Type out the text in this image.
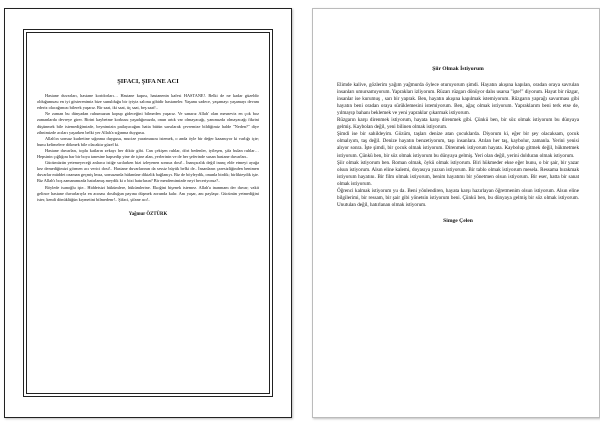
ŞIFACI, ŞIFA NE ACI

Hastane duvarları, hastane koridorları… Hastane kapısı, hastanenin kafesi HASTANE!. Belki de ne kadar güzeldir olduğumuzu en iyi gösterenimiz bize sunulduğu bir iyiyiz salonu gibidir hastaneler. Yaşamı sadece, yaşamayı yaşamayı devam ederiz olacağımızı bilerek yaşarız. Bir saat, iki saat, üç saat, beş saat!..

Ne zaman bu dünyadan ruhumuzun kopup gideceğini bilmeden yaşarız. Ve sanarız Allah' olan mesneviz en çok boz zamanlarda devreye girer. Birini kaybetme korkusu yaşadığımızda, onun artık var olmayacağı, yanımızda olmayacağı fikrini düşünmek bile istemediğimizde, beynimizin patlayacağını hatta bütün sarsılarak çevremize bildiğimiz halde "Neden?" diye zihnimizde acıları yaşarken belki yer Allah'a sığınma duygusu.

Allah'ın sonsuz kudretine sığınma duygusu, mucize yaratmasını istemek, o anda öyle bir değer kazanıyor ki varlığı içte; bunu kelimelere dökmek bile olacaktır güzel ki.

Hastane duvarları, toplu katların zekayı her diktir gibi. Can çekişen ruhlar, dört bedenler, iyileşen, şifa bulan ruhlar… Hepsinin çığlığını bar bir boya tanesine hapsedip yine de içine alan, yerlerinin ve de her şeferinde susan hastane duvarları..

Gücümüzün yetemeyeceği anlarca istiğe sırılarken bizi izleyenen sonsuz dost!.. İnançsızlık değil inanç elde etmeyi ayağa kez demediğimizi görmen acı verici dost!.. Hastane duvarlarının da sessiz büyük belki de.. İnsanların çaresizliğinden benimen duvarlar müddet ozaman geçmiş lmsa, sonsuzunla hükmüne dikizlik bağlanıyı. Biz de böyleydik, onunla birdik; birlikteydik işte. Biz Allah'ı boş zamanımızda hatırlamış meydik ki o bizi hatırlasın? Bir mesdemimizde neyi beceriyoruz?..

Böylede isanoğlu işte.. Hiddetsizi hükümlere, hükümlerine. Ekoğini bişenek istemez. Allah'a inanmam der duvar; vakit gelince hastane duvarlarıyla en acınası dostluğun payına düşmek zorunda kalır. Anı yaşar, anı paylaşır. Gücünün yetmediğini ister, kendi dönüklüğün kıymetini bilmedenr!.. Şifaci, şifane acı!..

Yağmur ÖZTÜRK
Şiir Olmak İstiyorum

Elimde kalive, gözlerim yağım yağmurda öylece oturuyorum şimdi. Hayatın akışına kapılan, oradan oraya savrulan insanları umursamıyorum. Yaprakları izliyorum. Rüzarı rüzgarı dönüyor dalıs usarsa "işte!" diyorum. Hayat bir rüzgar, insanlar ise kurumuş , sarı bir yaprak. Ben, hayatın akışına kapılmak istemiyorum. Rüzgarın yaprağı savurması gibi hayatın beni oradan oraya sürüklemesini istemiyorum. Ben, ağaç olmak istiyorum. Yapraklarım beni terk etse de, yılmayıp bahanı beklemek ve yeni yapraklar çıkarmak istiyorum.

Rüzgarın karşı direnmek istiyorum, hayata karşı direnmek gibi. Çünkü ben, bir söz olmak istiyorum bu dünyaya gelmiş. Kaybolan değil, yeni bilinen olmak istiyorum.

Şimdi ise bir sahildeyim. Gözüm, taşları denize atan çocuklarda. Diyorum ki, eğer bir şey olacaksam, çocuk olmalıyım, taş değil. Denize hayatın benzetiyorum, taşı insanlara. Atılan her taş, kaybolur, zamanla. Yerini yenisi alıyor sonra. İşte şimdi, bir çocuk olmak istiyorum. Direnmek istiyorum hayata. Kaybolup gitmek değil, hükmetmek istiyorum. Çünkü ben, bir söz olmak istiyorum bu dünyaya gelmiş. Yeri olan değil, yerini dolduran olmak istiyorum.

Şiir olmak istiyorum ben. Roman olmak, öykü olmak istiyorum. Biri hükmeder ekse eğer bunu, o bir şair, bir yazar olsun istiyorum. Alsın eline kalemi, doyasıya yazsın istiyorum. Bir tablo olmak istiyorum mesela. Ressama bırakmak istiyorum hayatını. Bir film olmak istiyorum, benim hayatımı bir yönetmen olsun istiyorum. Bir eser, hatta bir sanat olmak istiyorum.

Öğrenci kalmak istiyorum yu da. Beni yönlendiren, hayata karşı hazırlayan öğretmenim olsun istiyorum. Alsın eline bilgilerimi, bir ressam, bir şair gibi yönetsin istiyorum beni. Çünkü ben, bu dünyaya gelmiş bir söz olmak istiyorum. Unutulan değil, hatırlanan olmak istiyorum.

Simge Çelen
